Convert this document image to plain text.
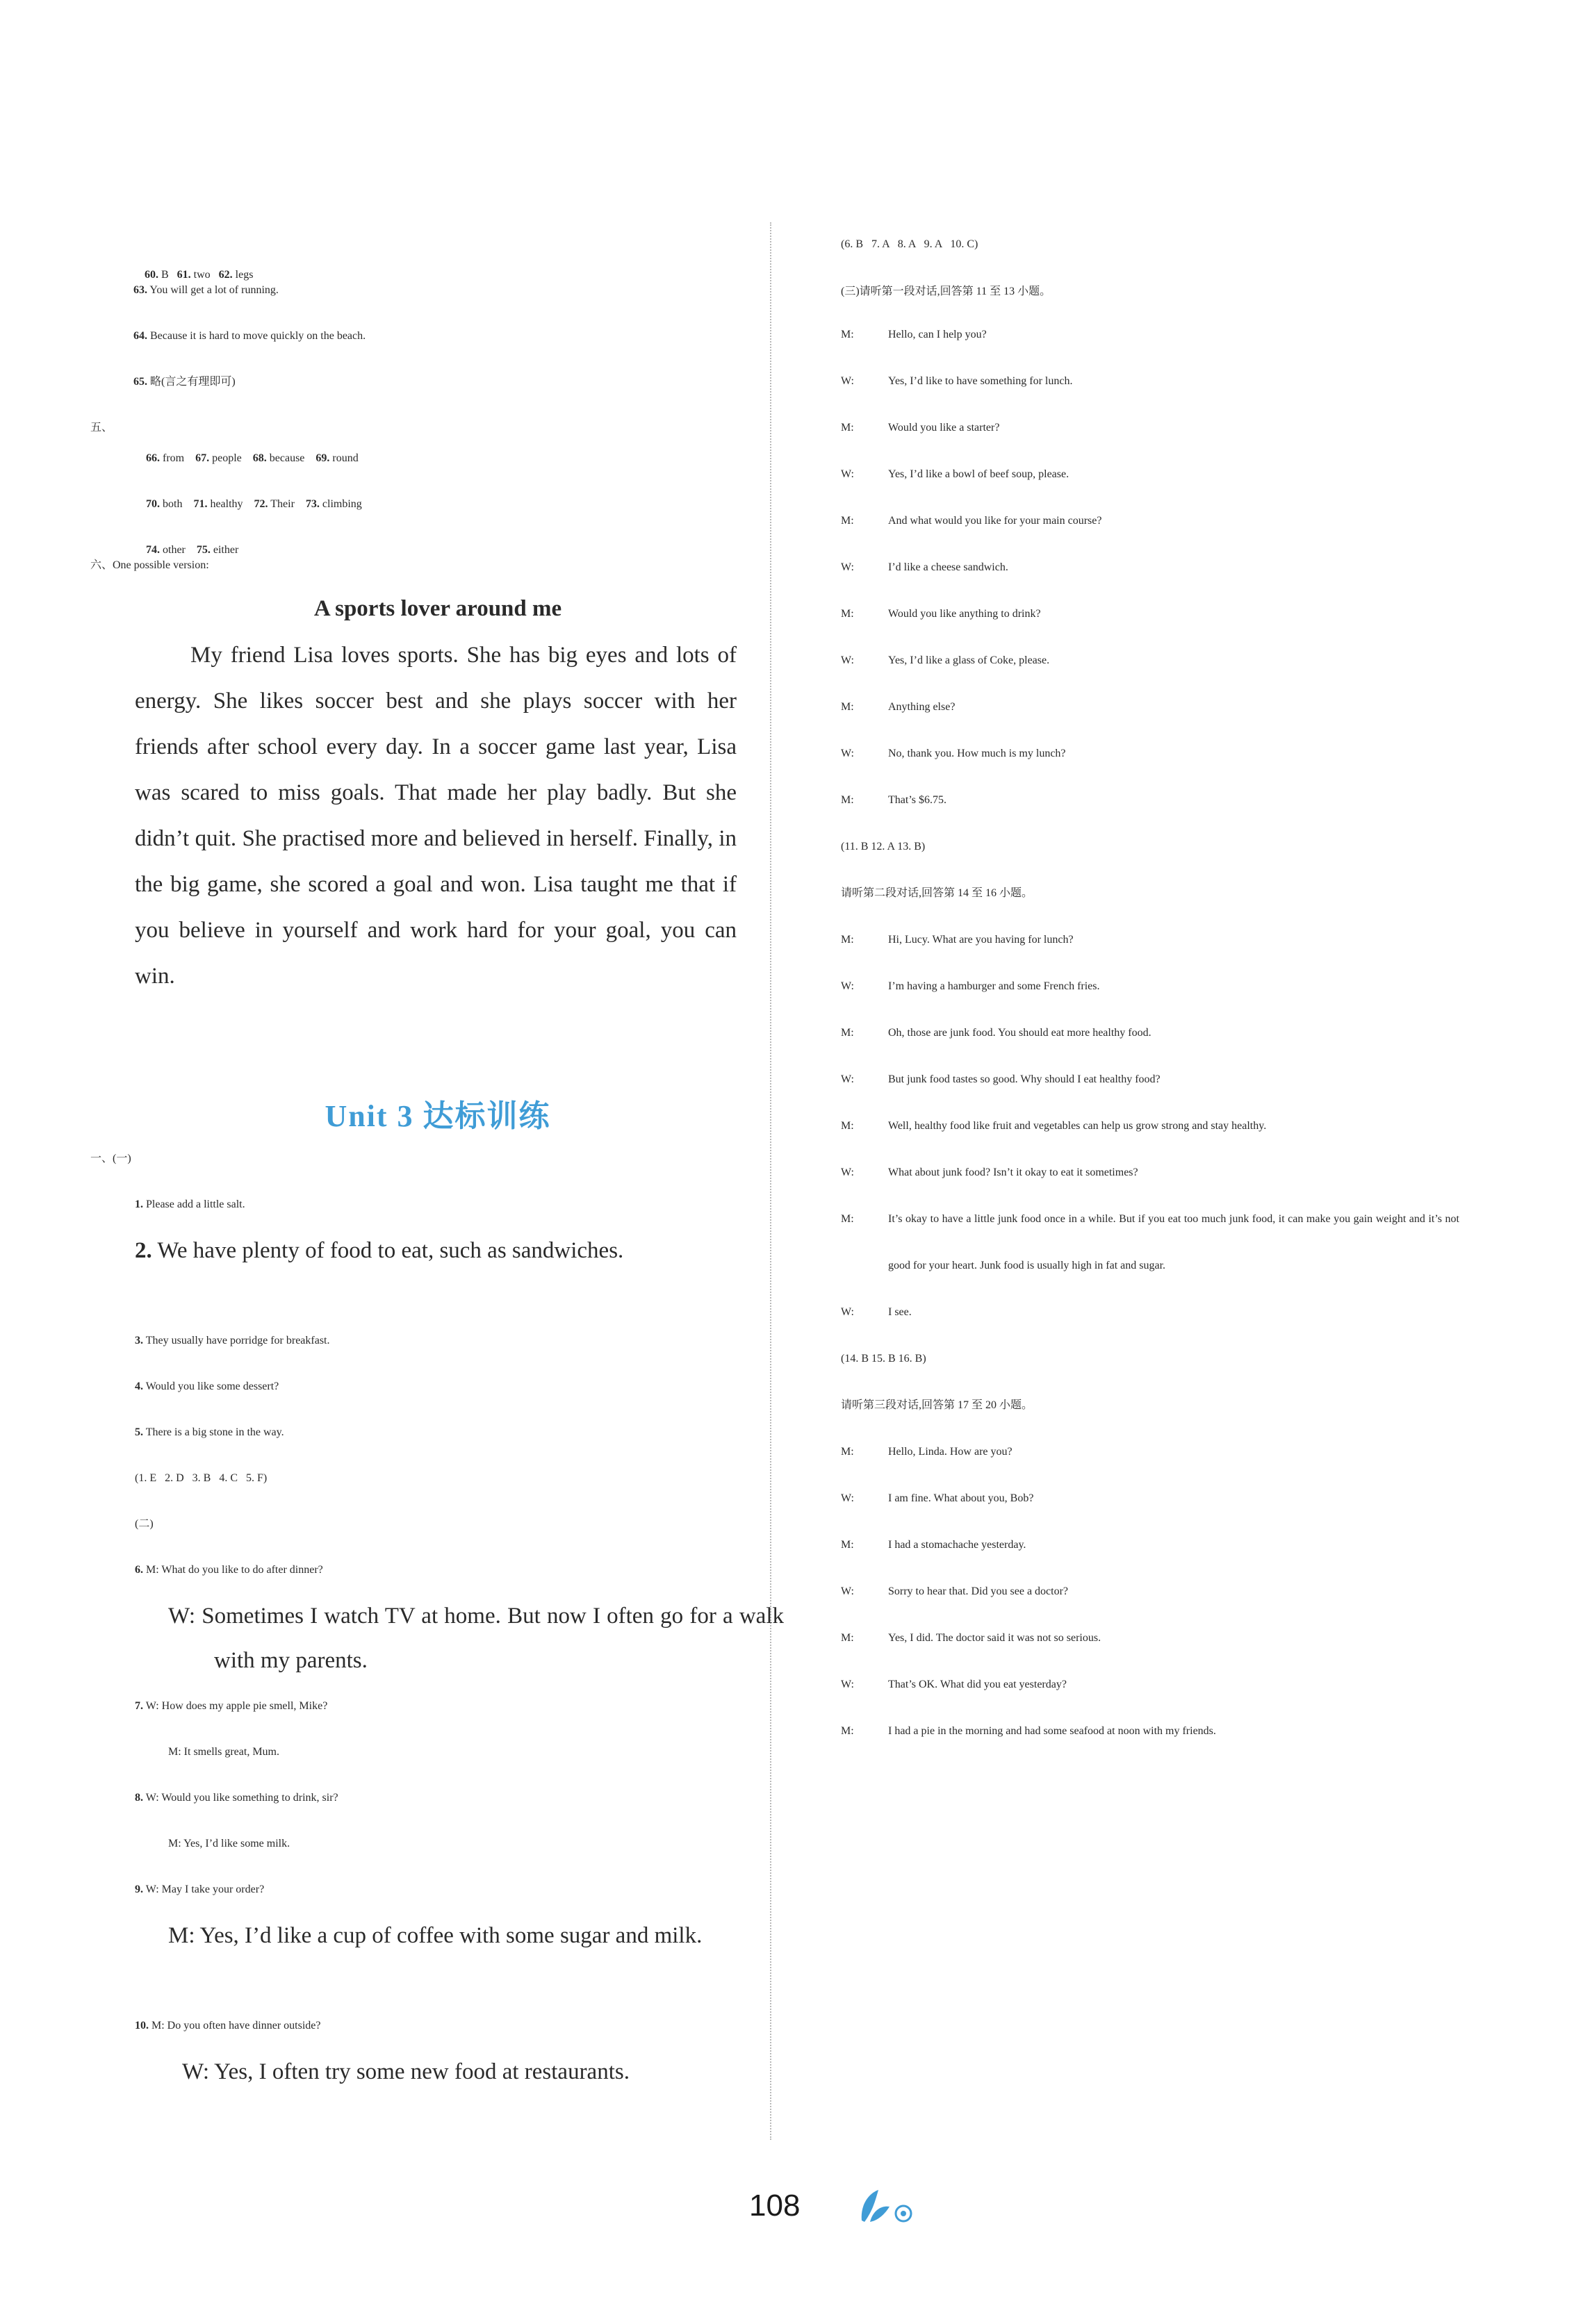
60. B   61. two   62. legs

63. You will get a lot of running.
64. Because it is hard to move quickly on the beach.
65. 略(言之有理即可)
五、

66. from    67. people    68. because    69. round

70. both    71. healthy    72. Their    73. climbing

74. other    75. either

六、One possible version:
A sports lover around me
My friend Lisa loves sports. She has big eyes and lots of energy. She likes soccer best and she plays soccer with her friends after school every day. In a soccer game last year, Lisa was scared to miss goals. That made her play badly. But she didn’t quit. She practised more and believed in herself. Finally, in the big game, she scored a goal and won. Lisa taught me that if you believe in yourself and work hard for your goal, you can win.
Unit 3 达标训练
一、(一)
1. Please add a little salt.
2. We have plenty of food to eat, such as sandwiches.
3. They usually have porridge for breakfast.
4. Would you like some dessert?
5. There is a big stone in the way.
(1. E   2. D   3. B   4. C   5. F)
(二)
6. M: What do you like to do after dinner?
W: Sometimes I watch TV at home. But now I often go for a walk with my parents.
7. W: How does my apple pie smell, Mike?
M: It smells great, Mum.
8. W: Would you like something to drink, sir?
M: Yes, I’d like some milk.
9. W: May I take your order?
M: Yes, I’d like a cup of coffee with some sugar and milk.
10. M: Do you often have dinner outside?
W: Yes, I often try some new food at restaurants.
(6. B   7. A   8. A   9. A   10. C)
(三)请听第一段对话,回答第 11 至 13 小题。
M:	Hello, can I help you?
W:	Yes, I’d like to have something for lunch.
M:	Would you like a starter?
W:	Yes, I’d like a bowl of beef soup, please.
M:	And what would you like for your main course?
W:	I’d like a cheese sandwich.
M:	Would you like anything to drink?
W:	Yes, I’d like a glass of Coke, please.
M:	Anything else?
W:	No, thank you. How much is my lunch?
M:	That’s $6.75.
(11. B 12. A 13. B)
请听第二段对话,回答第 14 至 16 小题。
M:	Hi, Lucy. What are you having for lunch?
W:	I’m having a hamburger and some French fries.
M:	Oh, those are junk food. You should eat more healthy food.
W:	But junk food tastes so good. Why should I eat healthy food?
M:	Well, healthy food like fruit and vegetables can help us grow strong and stay healthy.
W:	What about junk food? Isn’t it okay to eat it sometimes?
M:	It’s okay to have a little junk food once in a while. But if you eat too much junk food, it can make you gain weight and it’s not good for your heart. Junk food is usually high in fat and sugar.
W:	I see.
(14. B 15. B 16. B)
请听第三段对话,回答第 17 至 20 小题。
M:	Hello, Linda. How are you?
W:	I am fine. What about you, Bob?
M:	I had a stomachache yesterday.
W:	Sorry to hear that. Did you see a doctor?
M:	Yes, I did. The doctor said it was not so serious.
W:	That’s OK. What did you eat yesterday?
M:	I had a pie in the morning and had some seafood at noon with my friends.
108
